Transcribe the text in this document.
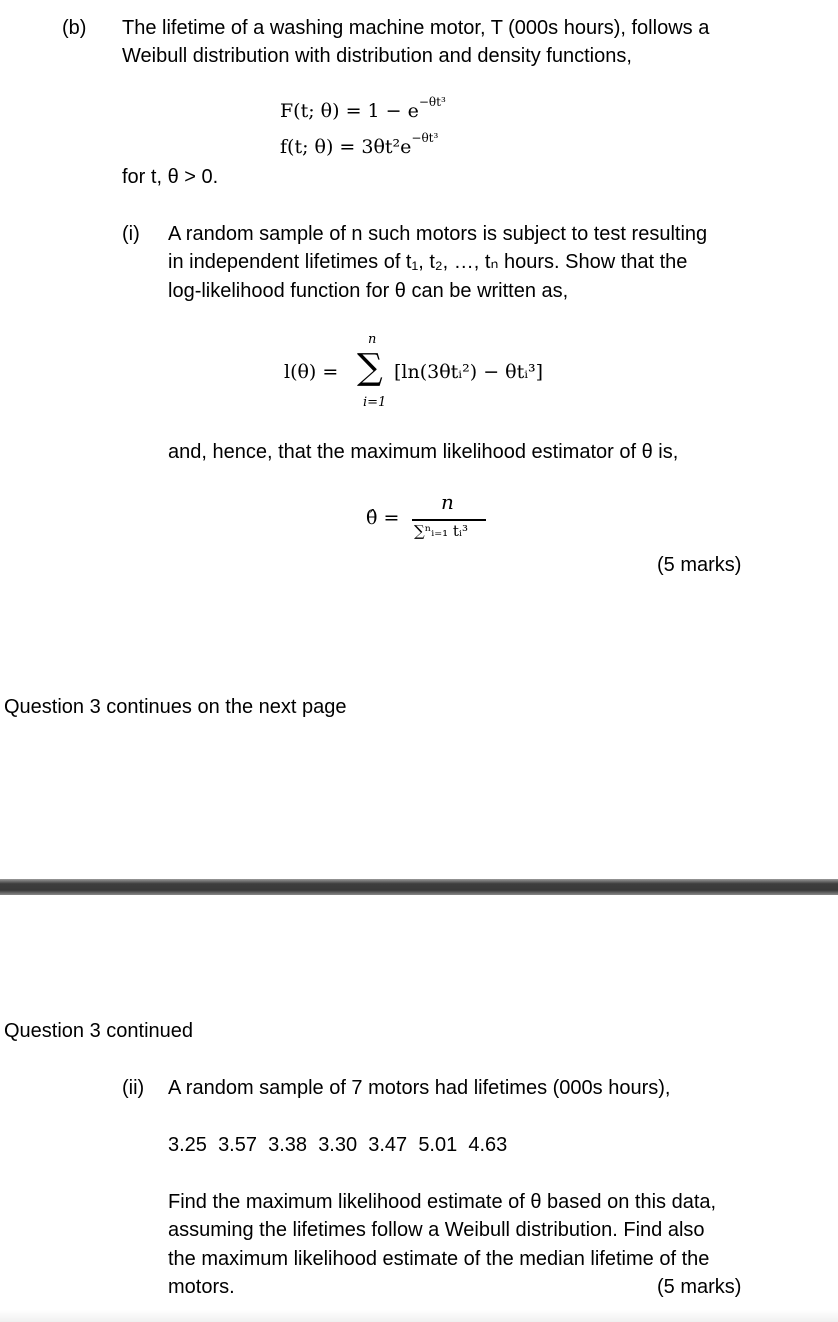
(b) The lifetime of a washing machine motor, T (000s hours), follows a
Weibull distribution with distribution and density functions,
F(t; $\theta) = 1 - e^{-\theta t^3}$
f(t; $\theta) = 3\theta t^2e^{-\theta t^3}$
for t, θ > 0.
(i) A random sample of n such motors is subject to test resulting
in independent lifetimes of t₁, t₂, …, tₙ hours. Show that the
log-likelihood function for θ can be written as,
l(θ) =
n
∑
i=1
[ln(3θtᵢ²) − θtᵢ³]
and, hence, that the maximum likelihood estimator of θ is,
θ̂ =
n
∑ⁿᵢ₌₁ tᵢ³
(5 marks)
Question 3 continues on the next page
Question 3 continued
(ii) A random sample of 7 motors had lifetimes (000s hours),
3.25 3.57 3.38 3.30 3.47 5.01 4.63
Find the maximum likelihood estimate of θ based on this data,
assuming the lifetimes follow a Weibull distribution. Find also
the maximum likelihood estimate of the median lifetime of the
motors.	(5 marks)
